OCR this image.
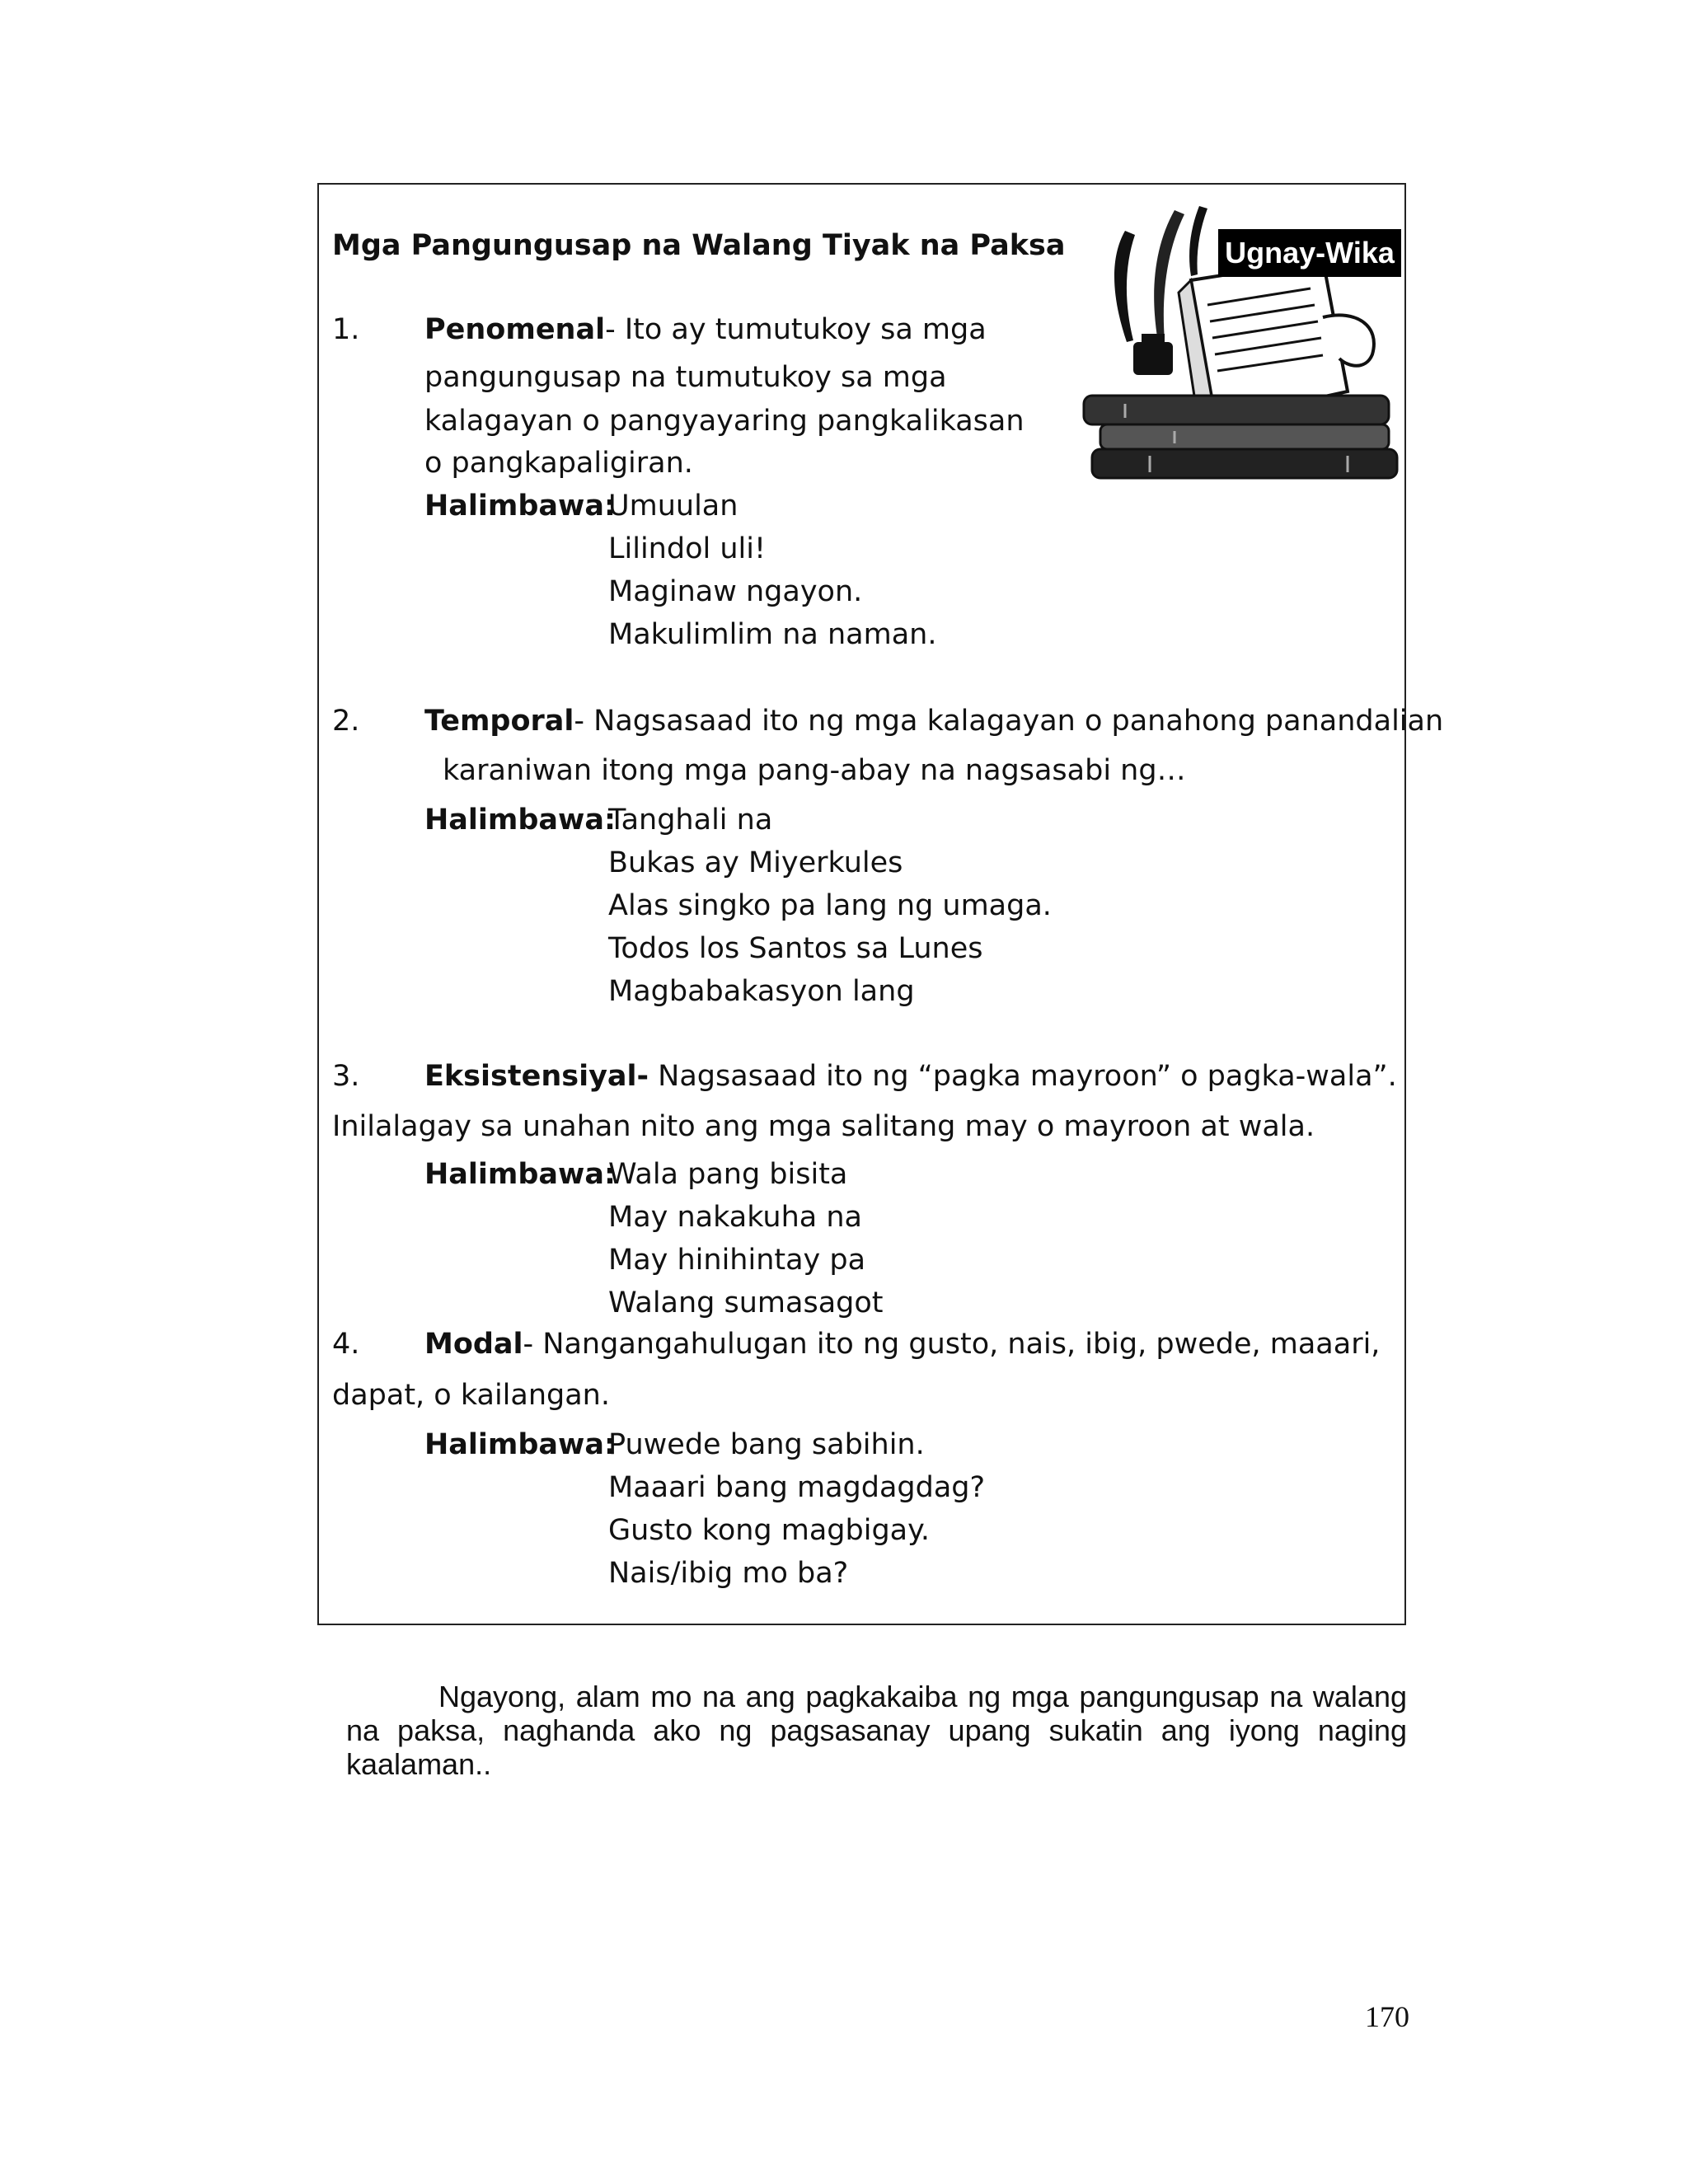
Mga Pangungusap na Walang Tiyak na Paksa	Ugnay-Wika
1. Penomenal- Ito ay tumutukoy sa mga
pangungusap na tumutukoy sa mga
kalagayan o pangyayaring pangkalikasan
o pangkapaligiran.
Halimbawa:
Umuulan
Lilindol uli!
Maginaw ngayon.
Makulimlim na naman.
2. Temporal- Nagsasaad ito ng mga kalagayan o panahong panandalian
karaniwan itong mga pang-abay na nagsasabi ng…
Halimbawa:
Tanghali na
Bukas ay Miyerkules
Alas singko pa lang ng umaga.
Todos los Santos sa Lunes
Magbabakasyon lang
3. Eksistensiyal- Nagsasaad ito ng “pagka mayroon” o pagka-wala”.
Inilalagay sa unahan nito ang mga salitang may o mayroon at wala.
Halimbawa:
Wala pang bisita
May nakakuha na
May hinihintay pa
Walang sumasagot
4. Modal- Nangangahulugan ito ng gusto, nais, ibig, pwede, maaari,
dapat, o kailangan.
Halimbawa:
Puwede bang sabihin.
Maaari bang magdagdag?
Gusto kong magbigay.
Nais/ibig mo ba?
Ngayong, alam mo na ang pagkakaiba ng mga pangungusap na walang na paksa, naghanda ako ng pagsasanay upang sukatin ang iyong naging kaalaman..
170
